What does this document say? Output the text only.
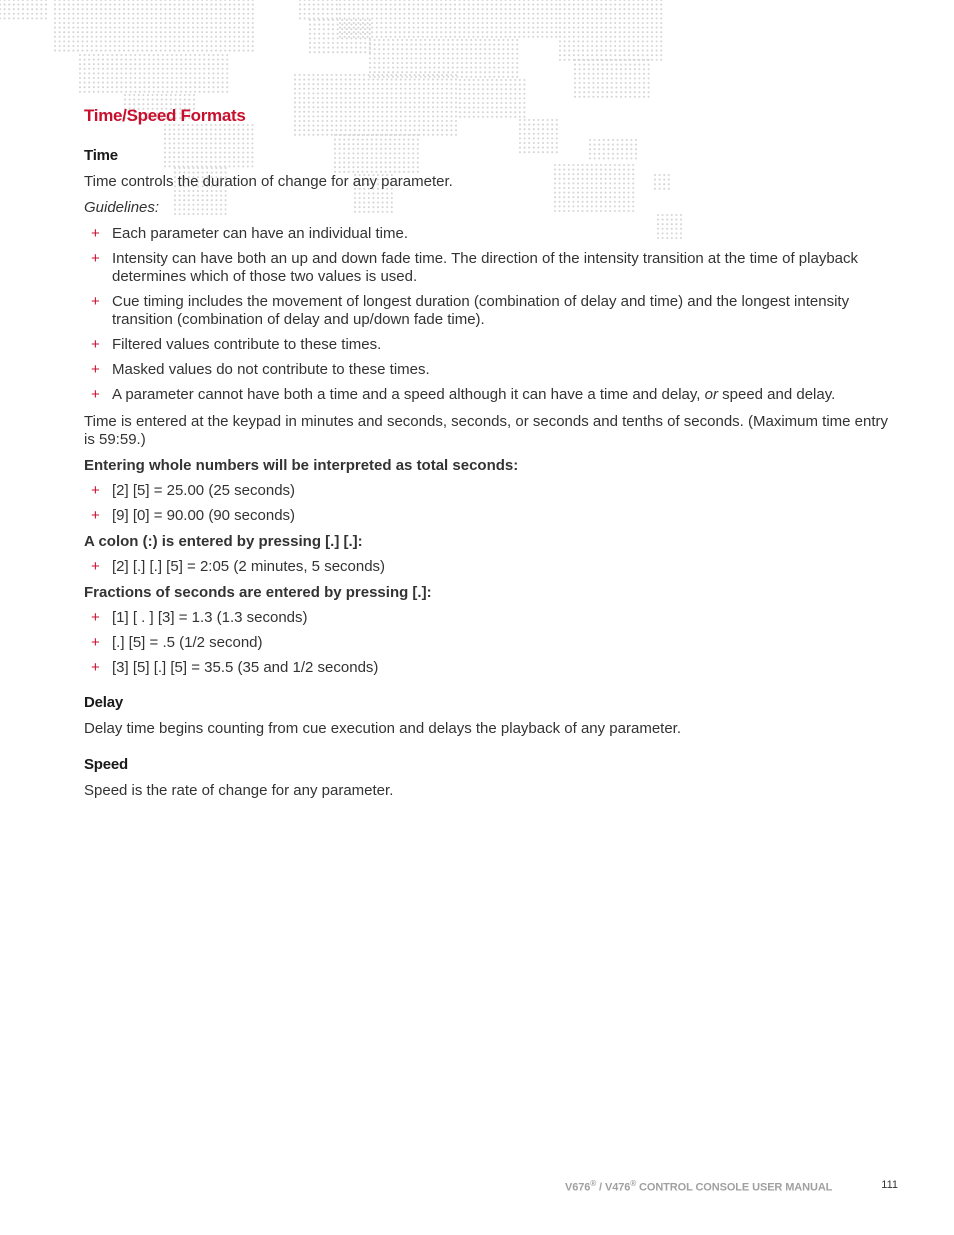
Time/Speed Formats
Time

Time controls the duration of change for any parameter.

Guidelines:

+ Each parameter can have an individual time.
+ Intensity can have both an up and down fade time. The direction of the intensity transition at the time of playback determines which of those two values is used.
+ Cue timing includes the movement of longest duration (combination of delay and time) and the longest intensity transition (combination of delay and up/down fade time).
+ Filtered values contribute to these times.
+ Masked values do not contribute to these times.
+ A parameter cannot have both a time and a speed although it can have a time and delay, or speed and delay.

Time is entered at the keypad in minutes and seconds, seconds, or seconds and tenths of seconds. (Maximum time entry is 59:59.)

Entering whole numbers will be interpreted as total seconds:

+ [2] [5] = 25.00 (25 seconds)
+ [9] [0] = 90.00 (90 seconds)

A colon (:) is entered by pressing [.] [.]:

+ [2] [.] [.] [5] = 2:05 (2 minutes, 5 seconds)

Fractions of seconds are entered by pressing [.]:

+ [1] [ . ] [3] = 1.3 (1.3 seconds)
+ [.] [5] = .5 (1/2 second)
+ [3] [5] [.] [5] = 35.5 (35 and 1/2 seconds)
Delay

Delay time begins counting from cue execution and delays the playback of any parameter.

Speed

Speed is the rate of change for any parameter.

V676® / V476® CONTROL CONSOLE USER MANUAL	111
